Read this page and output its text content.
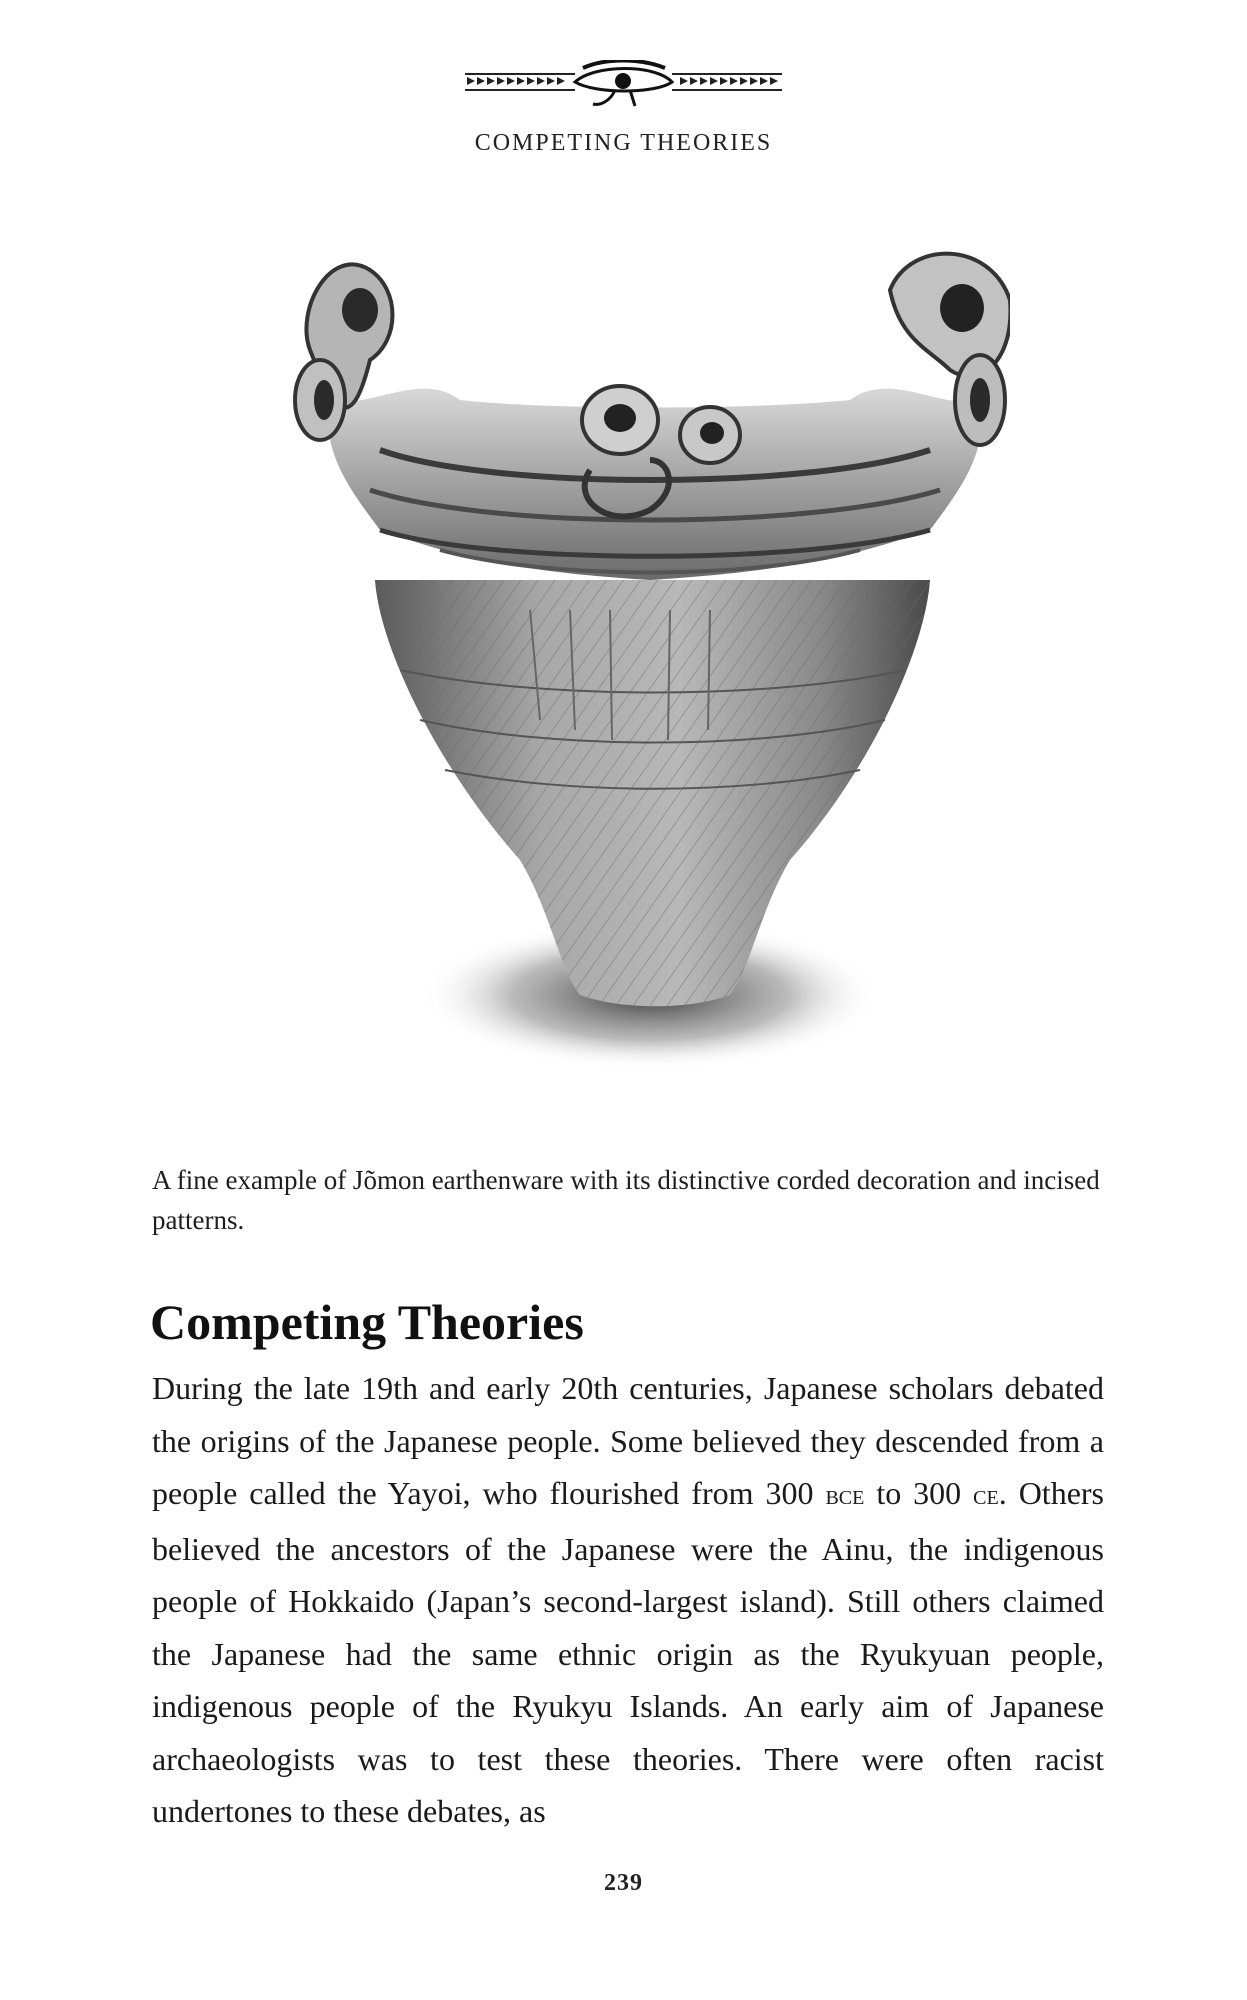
COMPETING THEORIES
A fine example of Jõmon earthenware with its distinctive corded decoration and incised patterns.
Competing Theories

During the late 19th and early 20th centuries, Japanese scholars debated the origins of the Japanese people. Some believed they descended from a people called the Yayoi, who flourished from 300 bce to 300 ce. Others believed the ancestors of the Japanese were the Ainu, the indigenous people of Hokkaido (Japan’s second-largest island). Still others claimed the Japanese had the same ethnic origin as the Ryukyuan people, indigenous people of the Ryukyu Islands. An early aim of Japanese archaeologists was to test these theories. There were often racist undertones to these debates, as

239
